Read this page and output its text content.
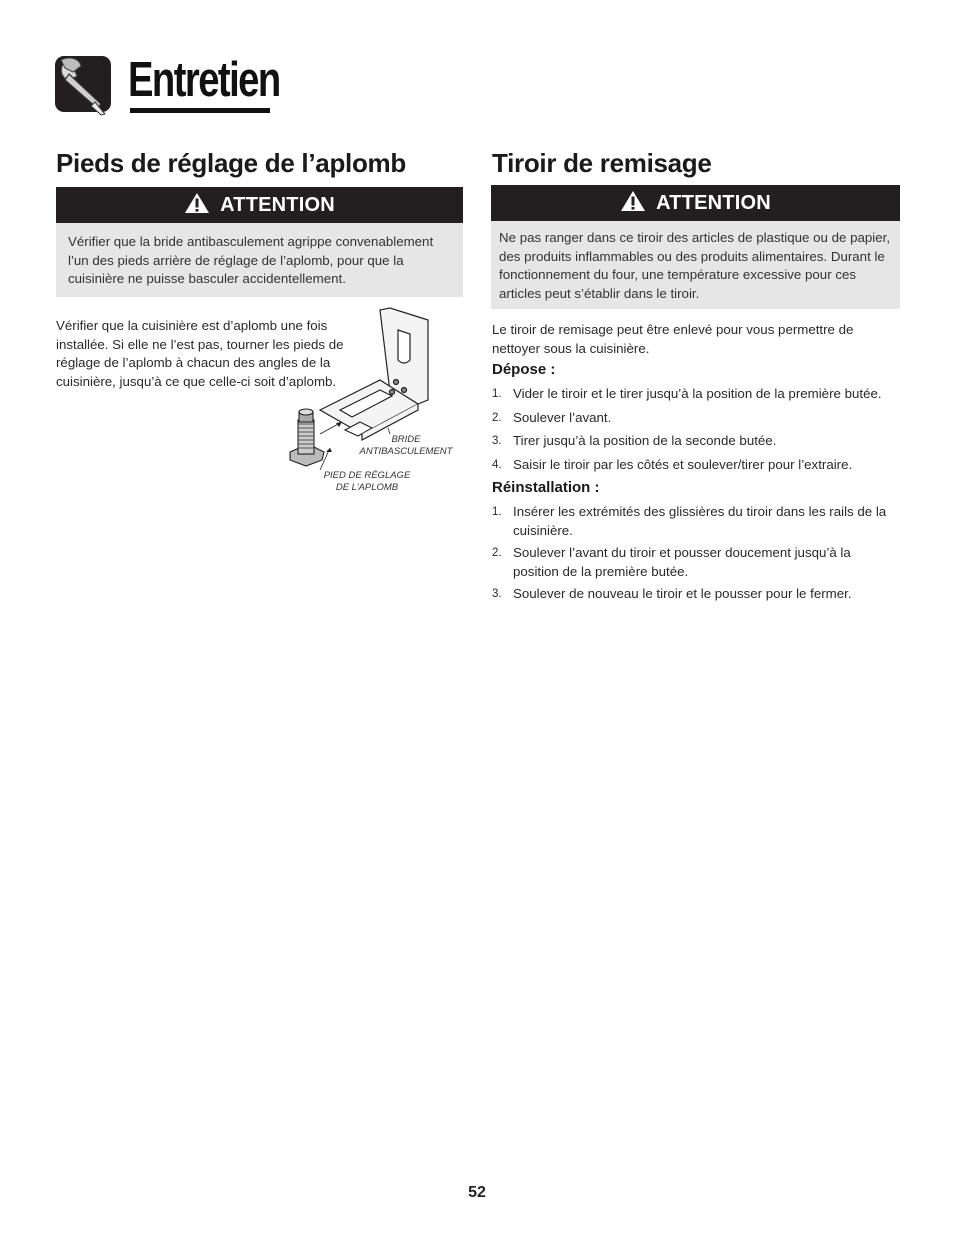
Entretien
Pieds de réglage de l’aplomb
ATTENTION
Vérifier que la bride antibasculement agrippe convenablement l’un des pieds arrière de réglage de l’aplomb, pour que la cuisinière ne puisse basculer accidentellement.
Vérifier que la cuisinière est d’aplomb une fois installée. Si elle ne l’est pas, tourner les pieds de réglage de l’aplomb à chacun des angles de la cuisinière, jusqu’à ce que celle-ci soit d’aplomb.
BRIDE
ANTIBASCULEMENT
PIED DE RÉGLAGE
DE L’APLOMB
Tiroir de remisage
ATTENTION
Ne pas ranger dans ce tiroir des articles de plastique ou de papier, des produits inflammables ou des produits alimentaires. Durant le fonctionnement du four, une température excessive pour ces articles peut s’établir dans le tiroir.
Le tiroir de remisage peut être enlevé pour vous permettre de nettoyer sous la cuisinière.
Dépose :
1. Vider le tiroir et le tirer jusqu’à la position de la première butée.
2. Soulever l’avant.
3. Tirer jusqu’à la position de la seconde butée.
4. Saisir le tiroir par les côtés et soulever/tirer pour l’extraire.
Réinstallation :
1. Insérer les extrémités des glissières du tiroir dans les rails de la cuisinière.
2. Soulever l’avant du tiroir et pousser doucement jusqu’à la position de la première butée.
3. Soulever de nouveau le tiroir et le pousser pour le fermer.
52
